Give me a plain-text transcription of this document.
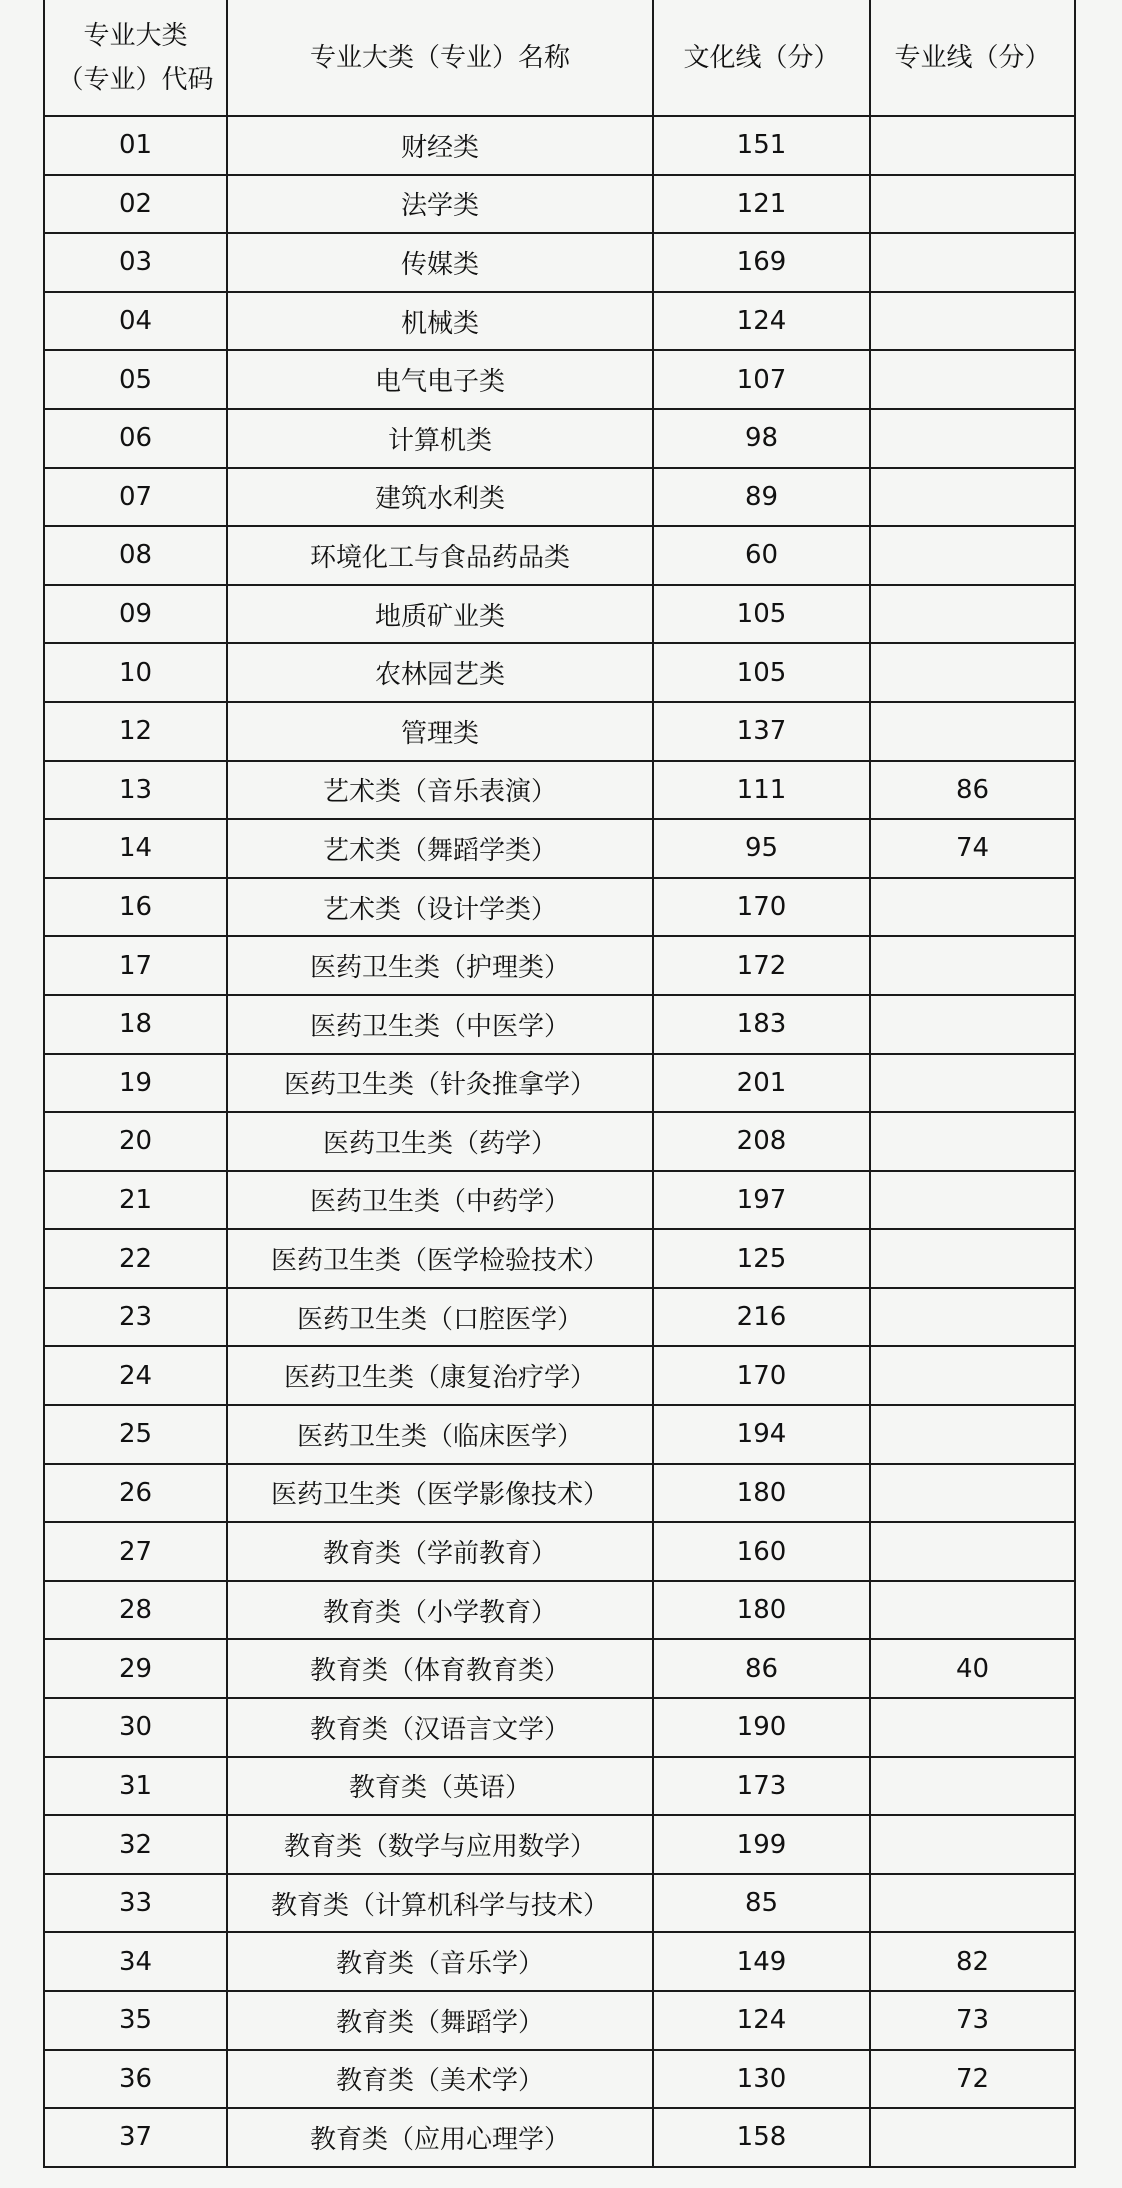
专业大类
（专业）代码	专业大类（专业）名称	文化线（分）	专业线（分）
01	财经类	151	
02	法学类	121	
03	传媒类	169	
04	机械类	124	
05	电气电子类	107	
06	计算机类	98	
07	建筑水利类	89	
08	环境化工与食品药品类	60	
09	地质矿业类	105	
10	农林园艺类	105	
12	管理类	137	
13	艺术类（音乐表演）	111	86
14	艺术类（舞蹈学类）	95	74
16	艺术类（设计学类）	170	
17	医药卫生类（护理类）	172	
18	医药卫生类（中医学）	183	
19	医药卫生类（针灸推拿学）	201	
20	医药卫生类（药学）	208	
21	医药卫生类（中药学）	197	
22	医药卫生类（医学检验技术）	125	
23	医药卫生类（口腔医学）	216	
24	医药卫生类（康复治疗学）	170	
25	医药卫生类（临床医学）	194	
26	医药卫生类（医学影像技术）	180	
27	教育类（学前教育）	160	
28	教育类（小学教育）	180	
29	教育类（体育教育类）	86	40
30	教育类（汉语言文学）	190	
31	教育类（英语）	173	
32	教育类（数学与应用数学）	199	
33	教育类（计算机科学与技术）	85	
34	教育类（音乐学）	149	82
35	教育类（舞蹈学）	124	73
36	教育类（美术学）	130	72
37	教育类（应用心理学）	158	
